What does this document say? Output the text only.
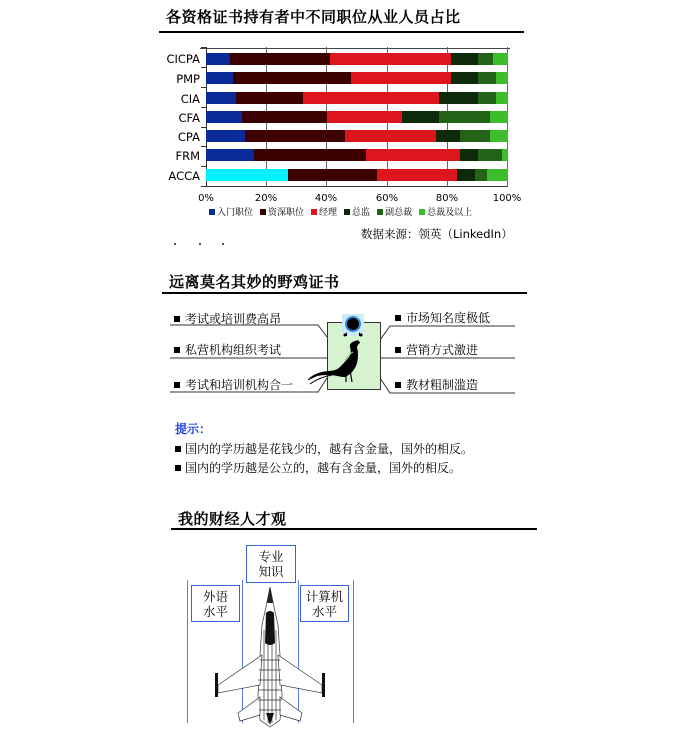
各资格证书持有者中不同职位从业人员占比
CICPA
PMP
CIA
CFA
CPA
FRM
ACCA
0%	20%	40%	60%	80%	100%
入门职位 资深职位 经理 总监 副总裁 总裁及以上
数据来源：领英（LinkedIn）
远离莫名其妙的野鸡证书
考试或培训费高昂
私营机构组织考试
考试和培训机构合一
市场知名度极低
营销方式激进
教材粗制滥造
提示：
国内的学历越是花钱少的，越有含金量，国外的相反。
国内的学历越是公立的，越有含金量，国外的相反。
我的财经人才观
专业
知识
外语
水平
计算机
水平
